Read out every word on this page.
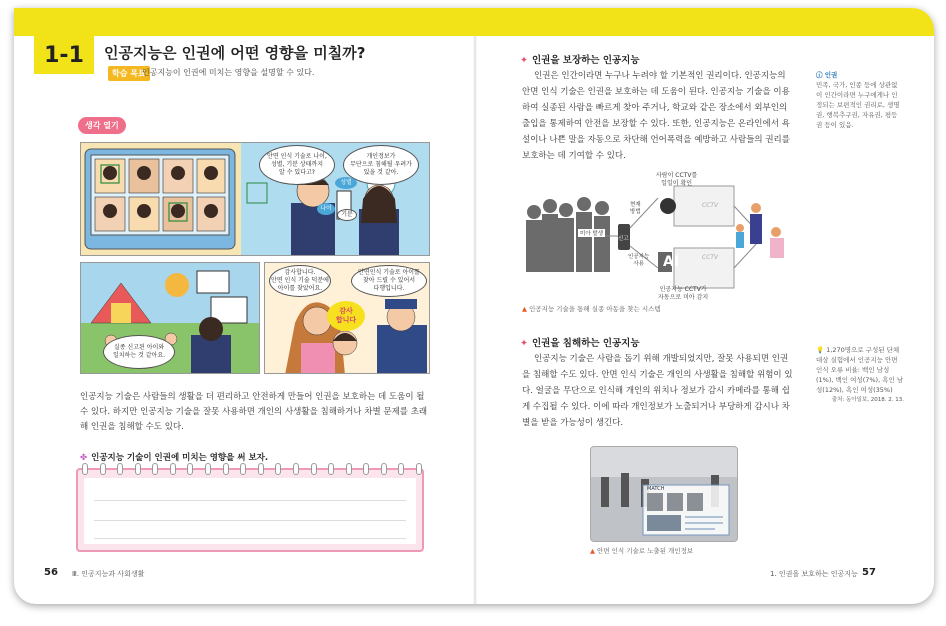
1-1	인공지능은 인권에 어떤 영향을 미칠까?
학습 목표
인공지능이 인권에 미치는 영향을 설명할 수 있다.
생각 열기
안면 인식 기술로 나이,
성별, 기분 상태까지
알 수 있다고?
개인정보가
무단으로 침해될 우려가
있을 것 같아.
성별
나이
기분
실종 신고된 아이와
일치하는 것 같아요.
감사합니다.
안면 인식 기술 덕분에
아이를 찾았어요.
안면인식 기술로 아이를
찾아 드릴 수 있어서
다행입니다.
감사
합니다
인공지능 기술은 사람들의 생활을 더 편리하고 안전하게 만들어 인권을 보호하는 데 도움이 될 수 있다. 하지만 인공지능 기술을 잘못 사용하면 개인의 사생활을 침해하거나 차별 문제를 초래해 인권을 침해할 수도 있다.
✤ 인공지능 기술이 인권에 미치는 영향을 써 보자.
56 Ⅲ. 인공지능과 사회생활
✦ 인권을 보장하는 인공지능
인권은 인간이라면 누구나 누려야 할 기본적인 권리이다. 인공지능의 안면 인식 기술은 인권을 보호하는 데 도움이 된다. 인공지능 기술을 이용하여 실종된 사람을 빠르게 찾아 주거나, 학교와 같은 장소에서 외부인의 출입을 통제하여 안전을 보장할 수 있다. 또한, 인공지능은 온라인에서 욕설이나 나쁜 말을 자동으로 차단해 언어폭력을 예방하고 사람들의 권리를 보호하는 데 기여할 수 있다.
ⓘ 인권
민족, 국가, 인종 등에 상관없이 인간이라면 누구에게나 인정되는 보편적인 권리로, 생명권, 행복추구권, 자유권, 평등권 등이 있음.
사람이 CCTV를
일일이 확인
CCTV
현재
방법
미아 발생
신고
인공지능
사용	AI	CCTV
인공지능 CCTV가
자동으로 미아 감지
▲ 인공지능 기술을 통해 실종 아동을 찾는 시스템
✦ 인권을 침해하는 인공지능
인공지능 기술은 사람을 돕기 위해 개발되었지만, 잘못 사용되면 인권을 침해할 수도 있다. 안면 인식 기술은 개인의 사생활을 침해할 위험이 있다. 얼굴을 무단으로 인식해 개인의 위치나 정보가 감시 카메라를 통해 쉽게 수집될 수 있다. 이에 따라 개인정보가 노출되거나 부당하게 감시나 차별을 받을 가능성이 생긴다.
💡 1,270명으로 구성된 단체 대상 실험에서 인공지능 안면 인식 오류 비율: 백인 남성(1%), 백인 여성(7%), 흑인 남성(12%), 흑인 여성(35%)
출처: 동아일보, 2018. 2. 13.
MATCH
▲ 안면 인식 기술로 노출된 개인정보
1. 인권을 보호하는 인공지능 57
